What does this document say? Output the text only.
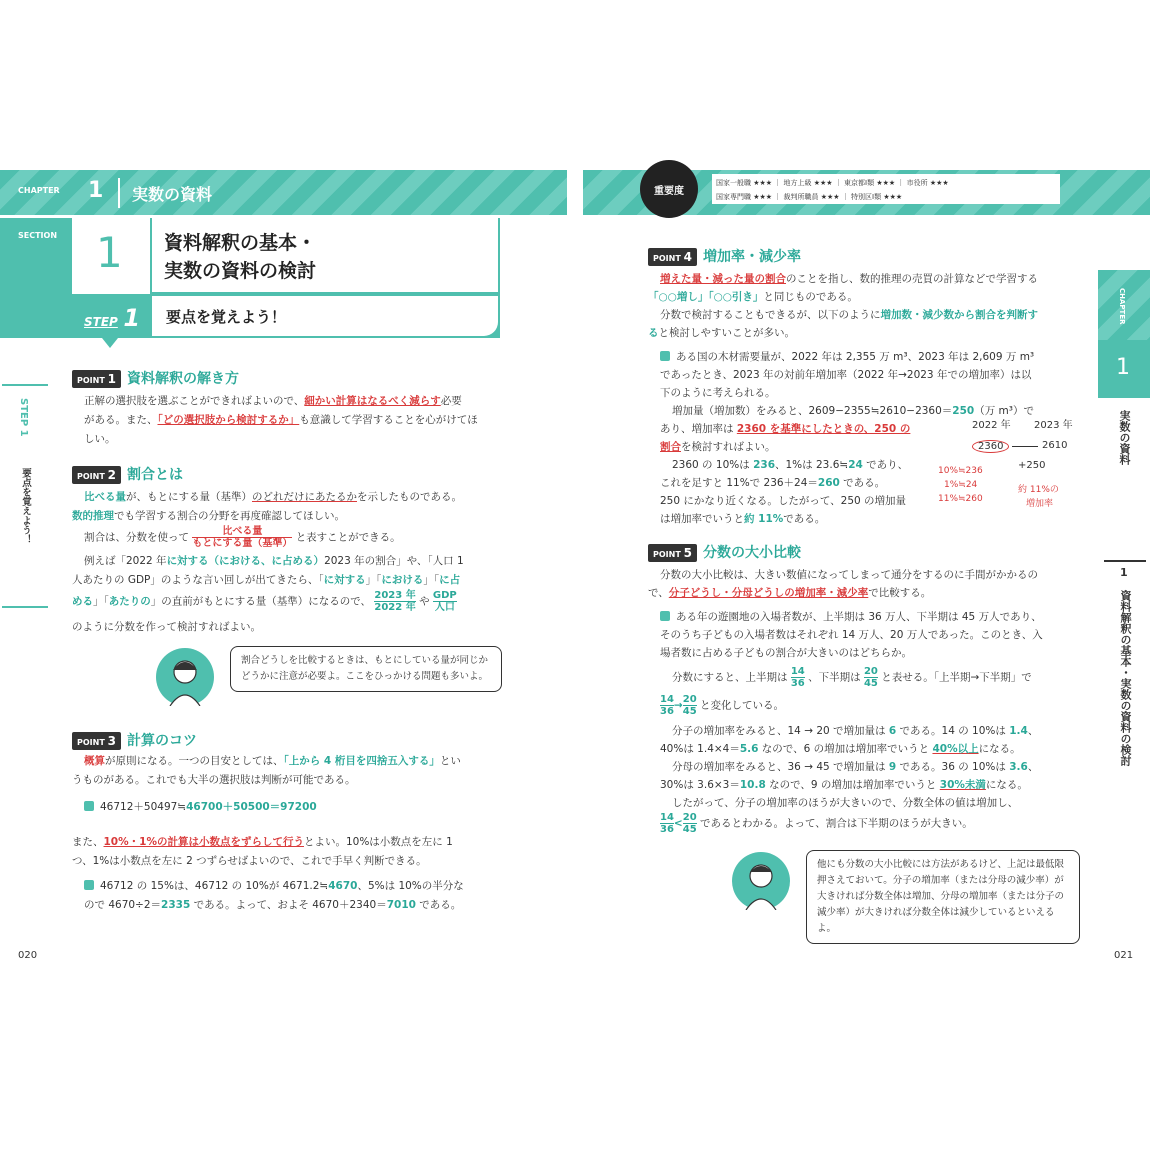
CHAPTER 1 実数の資料
SECTION 1 資料解釈の基本・
実数の資料の検討
STEP 1 要点を覚えよう！
STEP 1
要点を覚えよう！
POINT 1 資料解釈の解き方
正解の選択肢を選ぶことができればよいので、細かい計算はなるべく減らす必要
がある。また、「どの選択肢から検討するか」も意識して学習することを心がけてほ
しい。
POINT 2 割合とは
比べる量が、もとにする量（基準）のどれだけにあたるかを示したものである。
数的推理でも学習する割合の分野を再度確認してほしい。
割合は、分数を使って $\frac{\text{比べる量}}{\text{もとにする量（基準）}}$ と表すことができる。
例えば「2022 年に対する（における、に占める）2023 年の割合」や、「人口 1
人あたりの GDP」のような言い回しが出てきたら、「に対する」「における」「に占
める」「あたりの」の直前がもとにする量（基準）になるので、 $\frac{\text{2023 年}}{\text{2022 年}}$ や $\frac{\text{GDP}}{\text{人口}}$
のように分数を作って検討すればよい。
割合どうしを比較するときは、もとにしている量が同じかどうかに注意が必要よ。ここをひっかける問題も多いよ。
POINT 3 計算のコツ
概算が原則になる。一つの目安としては、「上から 4 桁目を四捨五入する」とい
うものがある。これでも大半の選択肢は判断が可能である。
46712＋50497≒46700＋50500＝97200
また、10%・1%の計算は小数点をずらして行うとよい。10%は小数点を左に 1
つ、1%は小数点を左に 2 つずらせばよいので、これで手早く判断できる。
46712 の 15%は、46712 の 10%が 4671.2≒4670、5%は 10%の半分な
ので 4670÷2＝2335 である。よって、およそ 4670＋2340＝7010 である。
020
重要度
国家一般職 ★★★ ｜ 地方上級 ★★★ ｜ 東京都Ⅰ類 ★★★ ｜ 市役所 ★★★
国家専門職 ★★★ ｜ 裁判所職員 ★★★ ｜ 特別区Ⅰ類 ★★★
CHAPTER
1
実数の資料
1
資料解釈の基本・実数の資料の検討
POINT 4 増加率・減少率
増えた量・減った量の割合のことを指し、数的推理の売買の計算などで学習する
「○○増し」「○○引き」と同じものである。
分数で検討することもできるが、以下のように増加数・減少数から割合を判断す
ると検討しやすいことが多い。
ある国の木材需要量が、2022 年は 2,355 万 m³、2023 年は 2,609 万 m³
であったとき、2023 年の対前年増加率（2022 年→2023 年での増加率）は以
下のように考えられる。
増加量（増加数）をみると、2609−2355≒2610−2360＝250（万 m³）で
あり、増加率は 2360 を基準にしたときの、250 の
割合を検討すればよい。
2360 の 10%は 236、1%は 23.6≒24 であり、
これを足すと 11%で 236＋24＝260 である。
250 にかなり近くなる。したがって、250 の増加量
は増加率でいうと約 11%である。
2022 年 2023 年
2360	2610
+250
10%≒236
1%≒24
11%≒260
約 11%の
増加率
POINT 5 分数の大小比較
分数の大小比較は、大きい数値になってしまって通分をするのに手間がかかるの
で、分子どうし・分母どうしの増加率・減少率で比較する。
ある年の遊園地の入場者数が、上半期は 36 万人、下半期は 45 万人であり、
そのうち子どもの入場者数はそれぞれ 14 万人、20 万人であった。このとき、入
場者数に占める子どもの割合が大きいのはどちらか。
分数にすると、上半期は $\frac{14}{36}$ 、下半期は $\frac{20}{45}$ と表せる。「上半期→下半期」で
$\frac{14}{36} \to \frac{20}{45}$ と変化している。
分子の増加率をみると、14 → 20 で増加量は 6 である。14 の 10%は 1.4、
40%は 1.4×4＝5.6 なので、6 の増加は増加率でいうと 40%以上になる。
分母の増加率をみると、36 → 45 で増加量は 9 である。36 の 10%は 3.6、
30%は 3.6×3＝10.8 なので、9 の増加は増加率でいうと 30%未満になる。
したがって、分子の増加率のほうが大きいので、分数全体の値は増加し、
$\frac{14}{36} < \frac{20}{45}$ であるとわかる。よって、割合は下半期のほうが大きい。
他にも分数の大小比較には方法があるけど、上記は最低限押さえておいて。分子の増加率（または分母の減少率）が大きければ分数全体は増加、分母の増加率（または分子の減少率）が大きければ分数全体は減少しているといえるよ。
021
